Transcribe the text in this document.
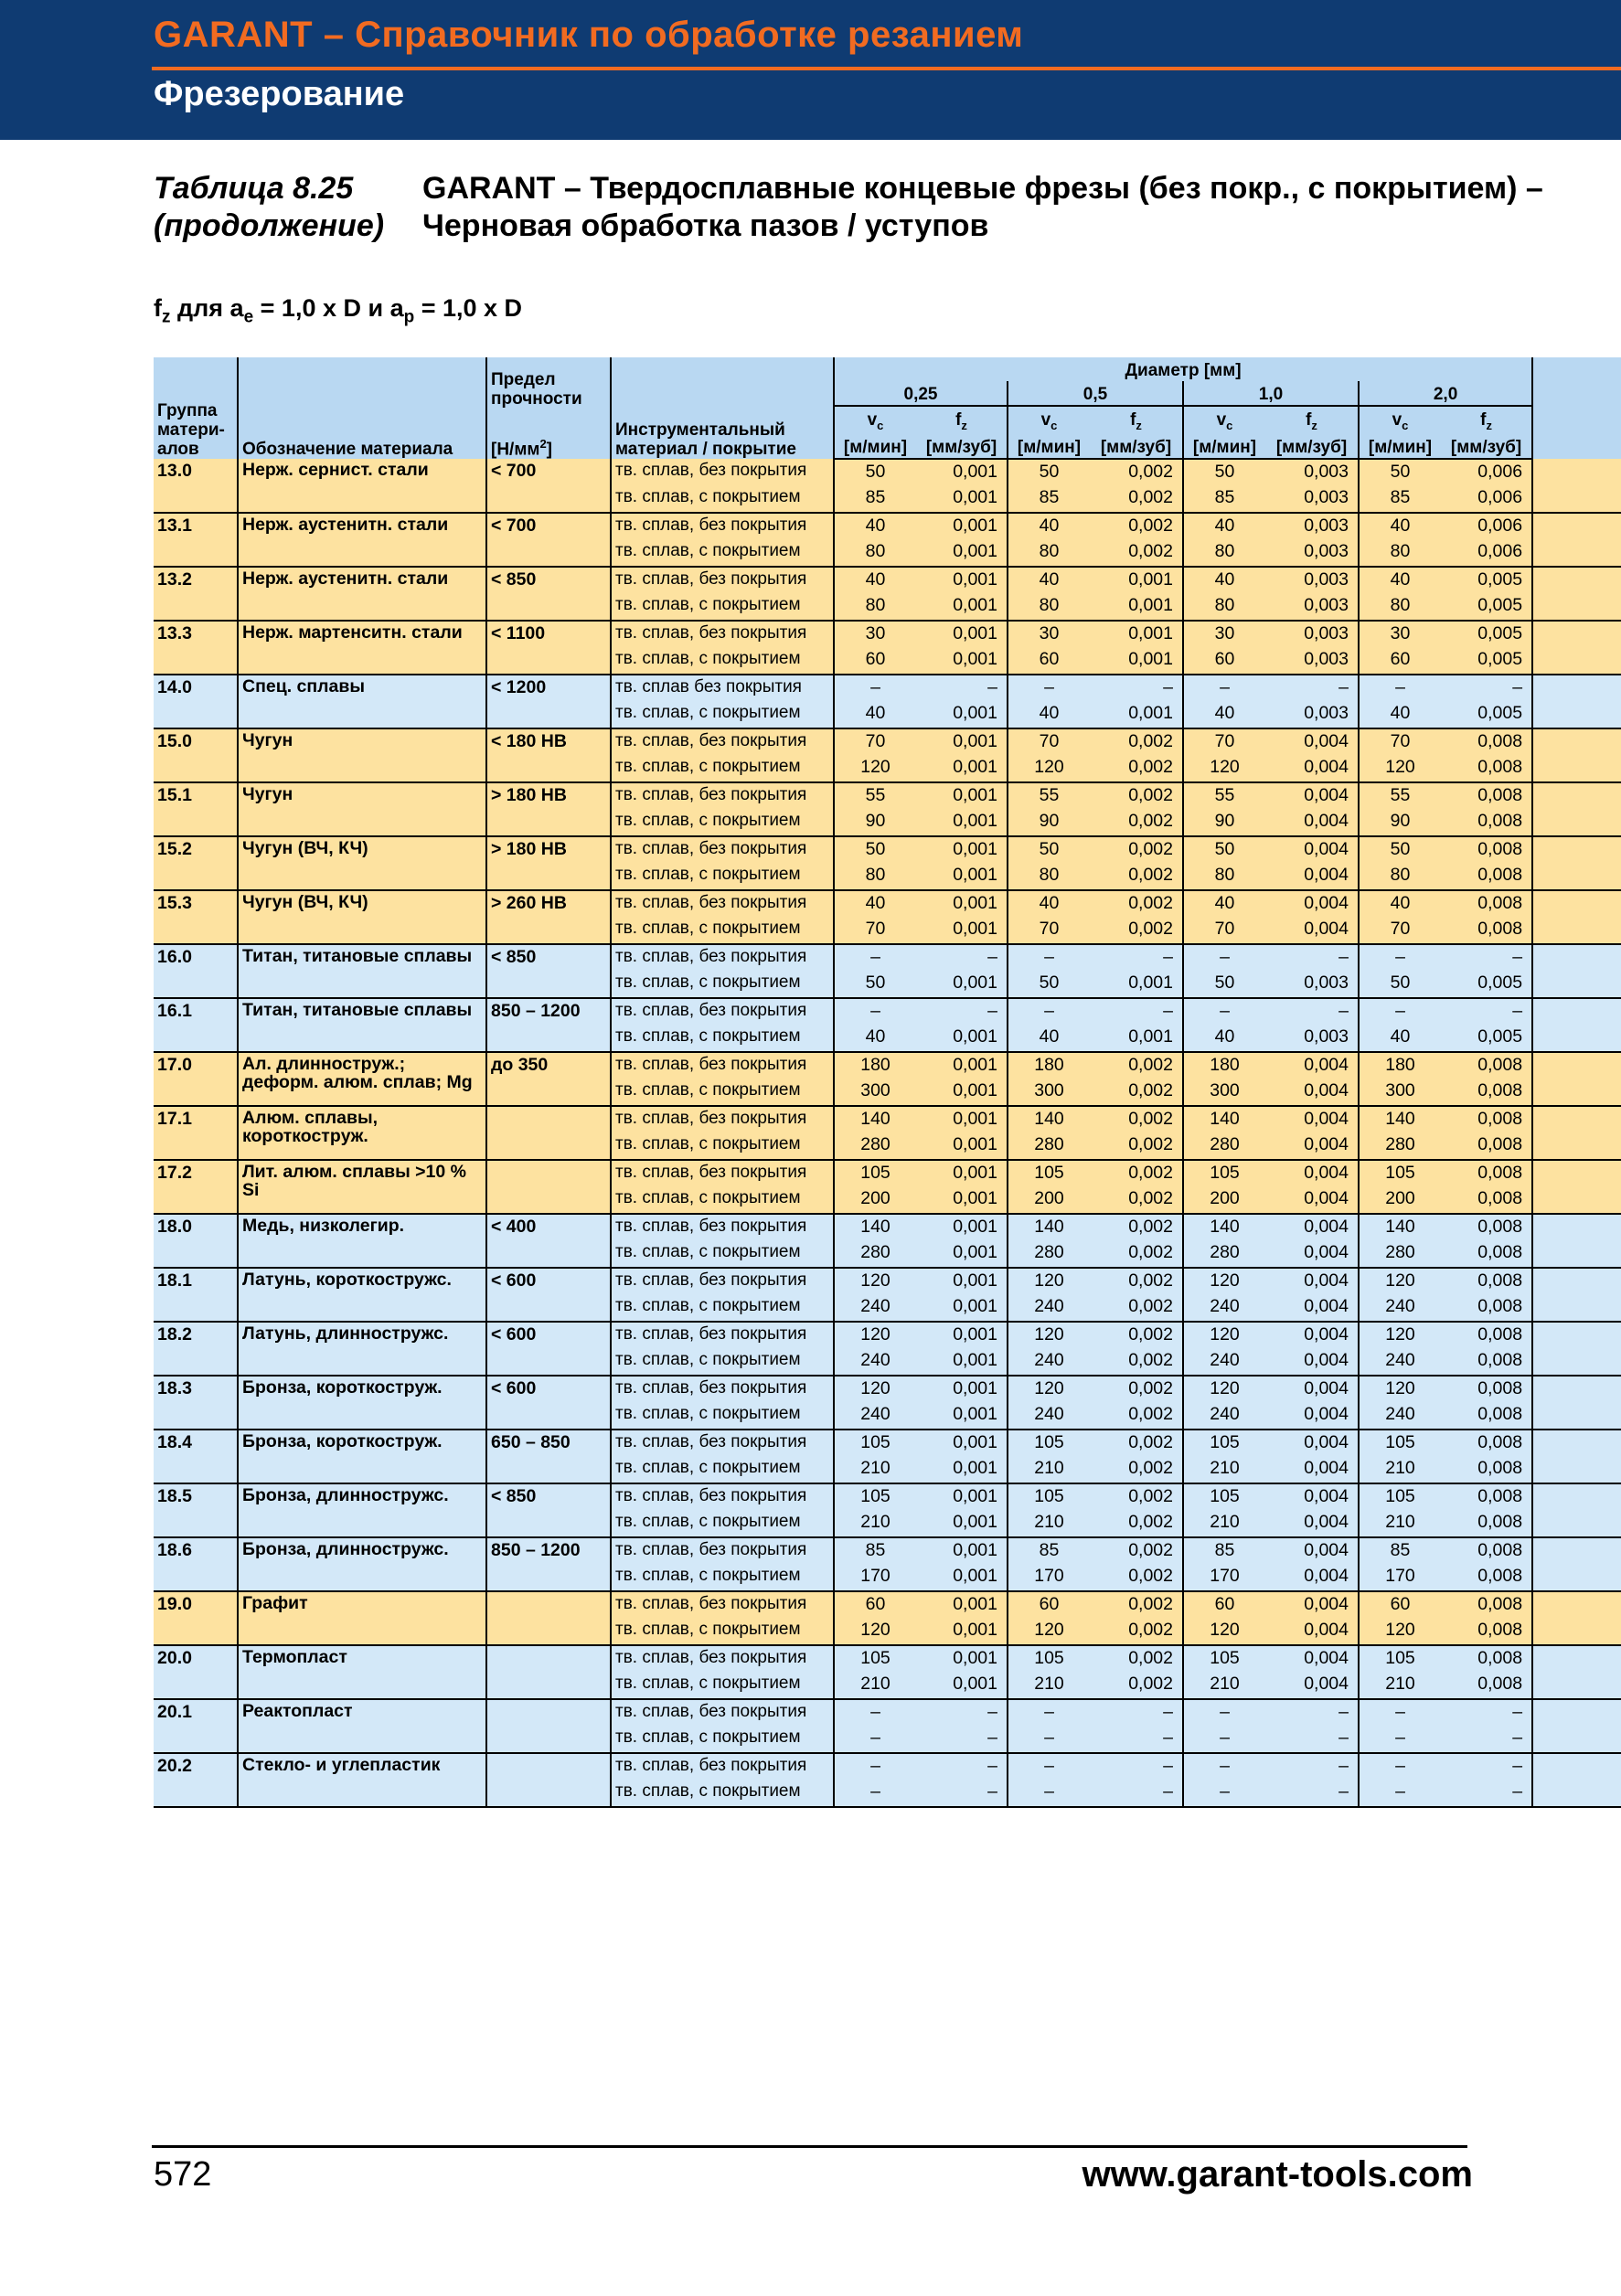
GARANT – Справочник по обработке резанием
Фрезерование
Таблица 8.25
(продолжение)
GARANT – Твердосплавные концевые фрезы (без покр., с покрытием) –
Черновая обработка пазов / уступов
$f_z$ для $a_e = 1,0$ x D и $a_p = 1,0$ x D
Группа матери-алов	Обозначение материала	Предел прочности
$[Н/мм^2]$	Инструментальный материал / покрытие	Диаметр [мм]								
				0,25		0,5		1,0		2,0		
				$v_c$	$f_z$	$v_c$	$f_z$	$v_c$	$f_z$	$v_c$	$f_z$
				[м/мин]	[мм/зуб]	[м/мин]	[мм/зуб]	[м/мин]	[мм/зуб]	[м/мин]	[мм/зуб]	
13.0	Нерж. сернист. стали	< 700	тв. сплав, без покрытия	50	0,001	50	0,002	50	0,003	50	0,006	
			тв. сплав, с покрытием	85	0,001	85	0,002	85	0,003	85	0,006	
13.1	Нерж. аустенитн. стали	< 700	тв. сплав, без покрытия	40	0,001	40	0,002	40	0,003	40	0,006	
			тв. сплав, с покрытием	80	0,001	80	0,002	80	0,003	80	0,006	
13.2	Нерж. аустенитн. стали	< 850	тв. сплав, без покрытия	40	0,001	40	0,001	40	0,003	40	0,005	
			тв. сплав, с покрытием	80	0,001	80	0,001	80	0,003	80	0,005	
13.3	Нерж. мартенситн. стали	< 1100	тв. сплав, без покрытия	30	0,001	30	0,001	30	0,003	30	0,005	
			тв. сплав, с покрытием	60	0,001	60	0,001	60	0,003	60	0,005	
14.0	Спец. сплавы	< 1200	тв. сплав без покрытия	–	–	–	–	–	–	–	–	
			тв. сплав, с покрытием	40	0,001	40	0,001	40	0,003	40	0,005	
15.0	Чугун	< 180 HB	тв. сплав, без покрытия	70	0,001	70	0,002	70	0,004	70	0,008	
			тв. сплав, с покрытием	120	0,001	120	0,002	120	0,004	120	0,008	
15.1	Чугун	> 180 HB	тв. сплав, без покрытия	55	0,001	55	0,002	55	0,004	55	0,008	
			тв. сплав, с покрытием	90	0,001	90	0,002	90	0,004	90	0,008	
15.2	Чугун (ВЧ, КЧ)	> 180 HB	тв. сплав, без покрытия	50	0,001	50	0,002	50	0,004	50	0,008	
			тв. сплав, с покрытием	80	0,001	80	0,002	80	0,004	80	0,008	
15.3	Чугун (ВЧ, КЧ)	> 260 HB	тв. сплав, без покрытия	40	0,001	40	0,002	40	0,004	40	0,008	
			тв. сплав, с покрытием	70	0,001	70	0,002	70	0,004	70	0,008	
16.0	Титан, титановые сплавы	< 850	тв. сплав, без покрытия	–	–	–	–	–	–	–	–	
			тв. сплав, с покрытием	50	0,001	50	0,001	50	0,003	50	0,005	
16.1	Титан, титановые сплавы	850 – 1200	тв. сплав, без покрытия	–	–	–	–	–	–	–	–	
			тв. сплав, с покрытием	40	0,001	40	0,001	40	0,003	40	0,005	
17.0	Ал. длинноструж.; деформ. алюм. сплав; Mg	до 350	тв. сплав, без покрытия	180	0,001	180	0,002	180	0,004	180	0,008	
			тв. сплав, с покрытием	300	0,001	300	0,002	300	0,004	300	0,008	
17.1	Алюм. сплавы, короткострyж.		тв. сплав, без покрытия	140	0,001	140	0,002	140	0,004	140	0,008	
			тв. сплав, с покрытием	280	0,001	280	0,002	280	0,004	280	0,008	
17.2	Лит. алюм. сплавы >10 % Si		тв. сплав, без покрытия	105	0,001	105	0,002	105	0,004	105	0,008	
			тв. сплав, с покрытием	200	0,001	200	0,002	200	0,004	200	0,008	
18.0	Медь, низколегир.	< 400	тв. сплав, без покрытия	140	0,001	140	0,002	140	0,004	140	0,008	
			тв. сплав, с покрытием	280	0,001	280	0,002	280	0,004	280	0,008	
18.1	Латунь, короткостружс.	< 600	тв. сплав, без покрытия	120	0,001	120	0,002	120	0,004	120	0,008	
			тв. сплав, с покрытием	240	0,001	240	0,002	240	0,004	240	0,008	
18.2	Латунь, длинностружс.	< 600	тв. сплав, без покрытия	120	0,001	120	0,002	120	0,004	120	0,008	
			тв. сплав, с покрытием	240	0,001	240	0,002	240	0,004	240	0,008	
18.3	Бронза, короткострyж.	< 600	тв. сплав, без покрытия	120	0,001	120	0,002	120	0,004	120	0,008	
			тв. сплав, с покрытием	240	0,001	240	0,002	240	0,004	240	0,008	
18.4	Бронза, короткострyж.	650 – 850	тв. сплав, без покрытия	105	0,001	105	0,002	105	0,004	105	0,008	
			тв. сплав, с покрытием	210	0,001	210	0,002	210	0,004	210	0,008	
18.5	Бронза, длинностружс.	< 850	тв. сплав, без покрытия	105	0,001	105	0,002	105	0,004	105	0,008	
			тв. сплав, с покрытием	210	0,001	210	0,002	210	0,004	210	0,008	
18.6	Бронза, длинностружс.	850 – 1200	тв. сплав, без покрытия	85	0,001	85	0,002	85	0,004	85	0,008	
			тв. сплав, с покрытием	170	0,001	170	0,002	170	0,004	170	0,008	
19.0	Графит		тв. сплав, без покрытия	60	0,001	60	0,002	60	0,004	60	0,008	
			тв. сплав, с покрытием	120	0,001	120	0,002	120	0,004	120	0,008	
20.0	Термопласт		тв. сплав, без покрытия	105	0,001	105	0,002	105	0,004	105	0,008	
			тв. сплав, с покрытием	210	0,001	210	0,002	210	0,004	210	0,008	
20.1	Реактопласт		тв. сплав, без покрытия	–	–	–	–	–	–	–	–	
			тв. сплав, с покрытием	–	–	–	–	–	–	–	–	
20.2	Стекло- и углепластик		тв. сплав, без покрытия	–	–	–	–	–	–	–	–	
			тв. сплав, с покрытием	–	–	–	–	–	–	–	–	
572	www.garant-tools.com
